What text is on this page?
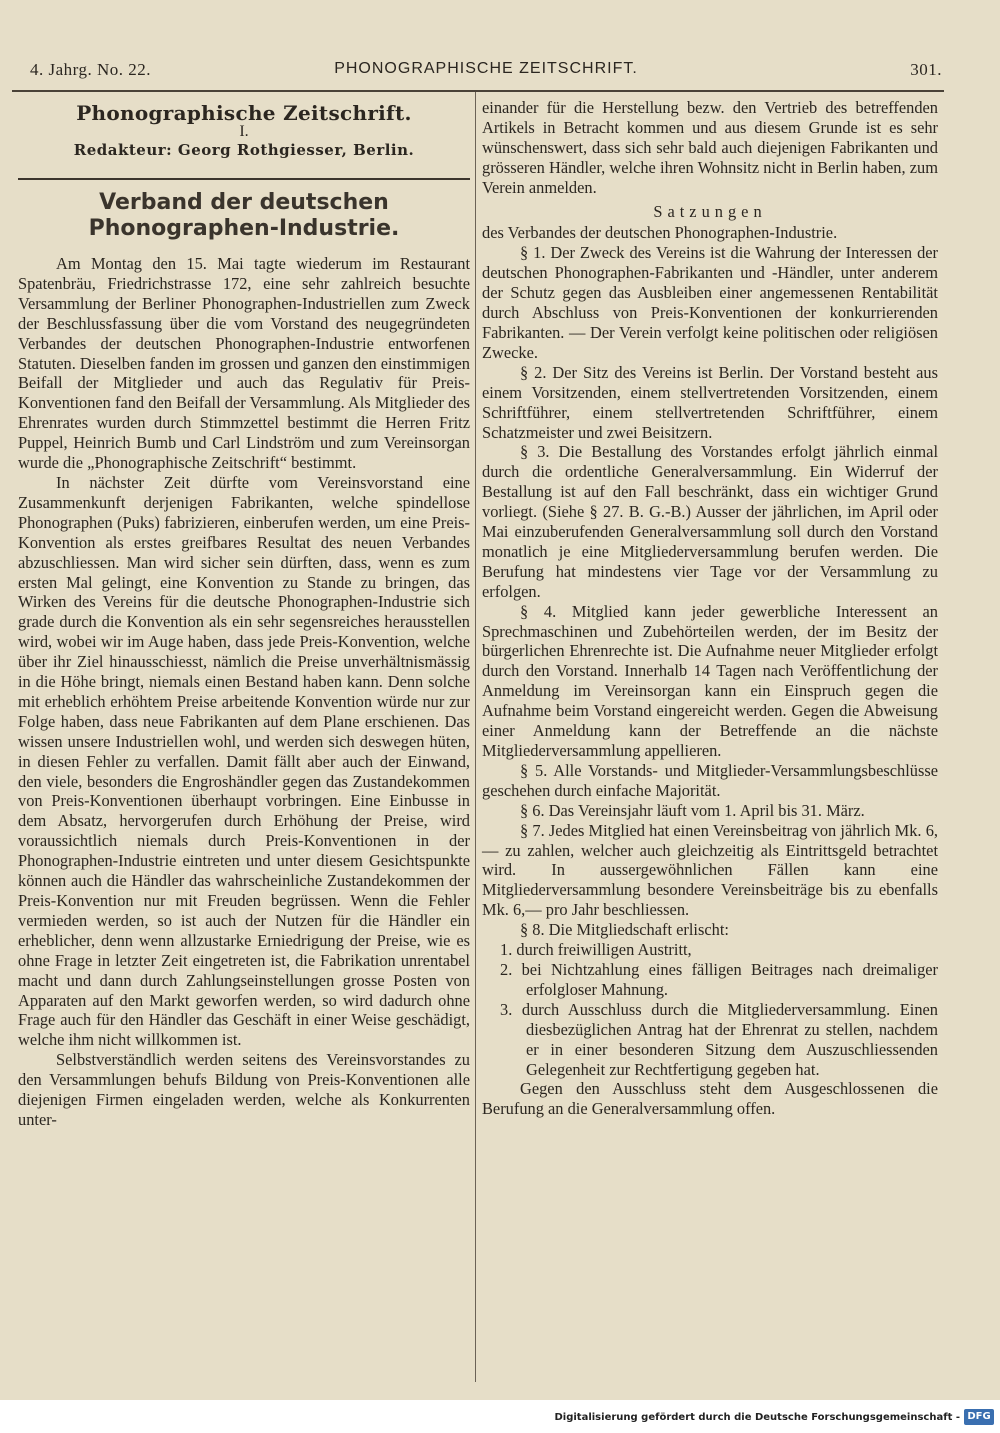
4. Jahrg. No. 22.	PHONOGRAPHISCHE ZEITSCHRIFT.	301.
Phonographische Zeitschrift.
I.
Redakteur: Georg Rothgiesser, Berlin.
Verband der deutschen Phonographen-Industrie.

Am Montag den 15. Mai tagte wiederum im Restaurant Spatenbräu, Friedrichstrasse 172, eine sehr zahlreich besuchte Versammlung der Berliner Phonographen-Industriellen zum Zweck der Beschlussfassung über die vom Vorstand des neugegründeten Verbandes der deutschen Phonographen-Industrie entworfenen Statuten. Dieselben fanden im grossen und ganzen den einstimmigen Beifall der Mitglieder und auch das Regulativ für Preis-Konventionen fand den Beifall der Versammlung. Als Mitglieder des Ehrenrates wurden durch Stimmzettel bestimmt die Herren Fritz Puppel, Heinrich Bumb und Carl Lindström und zum Vereinsorgan wurde die „Phonographische Zeitschrift“ bestimmt.

In nächster Zeit dürfte vom Vereinsvorstand eine Zusammenkunft derjenigen Fabrikanten, welche spindellose Phonographen (Puks) fabrizieren, einberufen werden, um eine Preis-Konvention als erstes greifbares Resultat des neuen Verbandes abzuschliessen. Man wird sicher sein dürften, dass, wenn es zum ersten Mal gelingt, eine Konvention zu Stande zu bringen, das Wirken des Vereins für die deutsche Phonographen-Industrie sich grade durch die Konvention als ein sehr segensreiches herausstellen wird, wobei wir im Auge haben, dass jede Preis-Konvention, welche über ihr Ziel hinausschiesst, nämlich die Preise unverhältnismässig in die Höhe bringt, niemals einen Bestand haben kann. Denn solche mit erheblich erhöhtem Preise arbeitende Konvention würde nur zur Folge haben, dass neue Fabrikanten auf dem Plane erschienen. Das wissen unsere Industriellen wohl, und werden sich deswegen hüten, in diesen Fehler zu verfallen. Damit fällt aber auch der Einwand, den viele, besonders die Engroshändler gegen das Zustandekommen von Preis-Konventionen überhaupt vorbringen. Eine Einbusse in dem Absatz, hervorgerufen durch Erhöhung der Preise, wird voraussichtlich niemals durch Preis-Konventionen in der Phonographen-Industrie eintreten und unter diesem Gesichtspunkte können auch die Händler das wahrscheinliche Zustandekommen der Preis-Konvention nur mit Freuden begrüssen. Wenn die Fehler vermieden werden, so ist auch der Nutzen für die Händler ein erheblicher, denn wenn allzustarke Erniedrigung der Preise, wie es ohne Frage in letzter Zeit eingetreten ist, die Fabrikation unrentabel macht und dann durch Zahlungseinstellungen grosse Posten von Apparaten auf den Markt geworfen werden, so wird dadurch ohne Frage auch für den Händler das Geschäft in einer Weise geschädigt, welche ihm nicht willkommen ist.

Selbstverständlich werden seitens des Vereinsvorstandes zu den Versammlungen behufs Bildung von Preis-Konventionen alle diejenigen Firmen eingeladen werden, welche als Konkurrenten unter-

einander für die Herstellung bezw. den Vertrieb des betreffenden Artikels in Betracht kommen und aus diesem Grunde ist es sehr wünschenswert, dass sich sehr bald auch diejenigen Fabrikanten und grösseren Händler, welche ihren Wohnsitz nicht in Berlin haben, zum Verein anmelden.

Satzungen

des Verbandes der deutschen Phonographen-Industrie.

§ 1. Der Zweck des Vereins ist die Wahrung der Interessen der deutschen Phonographen-Fabrikanten und -Händler, unter anderem der Schutz gegen das Ausbleiben einer angemessenen Rentabilität durch Abschluss von Preis-Konventionen der konkurrierenden Fabrikanten. — Der Verein verfolgt keine politischen oder religiösen Zwecke.

§ 2. Der Sitz des Vereins ist Berlin. Der Vorstand besteht aus einem Vorsitzenden, einem stellvertretenden Vorsitzenden, einem Schriftführer, einem stellvertretenden Schriftführer, einem Schatzmeister und zwei Beisitzern.

§ 3. Die Bestallung des Vorstandes erfolgt jährlich einmal durch die ordentliche Generalversammlung. Ein Widerruf der Bestallung ist auf den Fall beschränkt, dass ein wichtiger Grund vorliegt. (Siehe § 27. B. G.-B.) Ausser der jährlichen, im April oder Mai einzuberufenden Generalversammlung soll durch den Vorstand monatlich je eine Mitgliederversammlung berufen werden. Die Berufung hat mindestens vier Tage vor der Versammlung zu erfolgen.

§ 4. Mitglied kann jeder gewerbliche Interessent an Sprechmaschinen und Zubehörteilen werden, der im Besitz der bürgerlichen Ehrenrechte ist. Die Aufnahme neuer Mitglieder erfolgt durch den Vorstand. Innerhalb 14 Tagen nach Veröffentlichung der Anmeldung im Vereinsorgan kann ein Einspruch gegen die Aufnahme beim Vorstand eingereicht werden. Gegen die Abweisung einer Anmeldung kann der Betreffende an die nächste Mitgliederversammlung appellieren.

§ 5. Alle Vorstands- und Mitglieder-Versammlungsbeschlüsse geschehen durch einfache Majorität.

§ 6. Das Vereinsjahr läuft vom 1. April bis 31. März.

§ 7. Jedes Mitglied hat einen Vereinsbeitrag von jährlich Mk. 6,— zu zahlen, welcher auch gleichzeitig als Eintrittsgeld betrachtet wird. In aussergewöhnlichen Fällen kann eine Mitgliederversammlung besondere Vereinsbeiträge bis zu ebenfalls Mk. 6,— pro Jahr beschliessen.

§ 8. Die Mitgliedschaft erlischt:

1. durch freiwilligen Austritt,

2. bei Nichtzahlung eines fälligen Beitrages nach dreimaliger erfolgloser Mahnung.

3. durch Ausschluss durch die Mitgliederversammlung. Einen diesbezüglichen Antrag hat der Ehrenrat zu stellen, nachdem er in einer besonderen Sitzung dem Auszuschliessenden Gelegenheit zur Rechtfertigung gegeben hat.

Gegen den Ausschluss steht dem Ausgeschlossenen die Berufung an die Generalversammlung offen.

Digitalisierung gefördert durch die Deutsche Forschungsgemeinschaft - DFG
